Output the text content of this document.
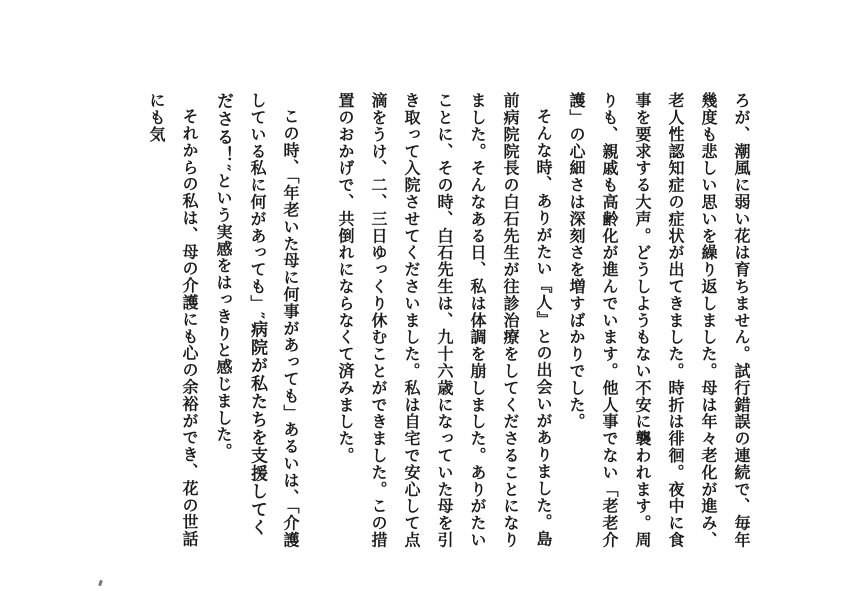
ろが、潮風に弱い花は育ちません。試行錯誤の連続で、毎年幾度も悲しい思いを繰り返しました。母は年々老化が進み、老人性認知症の症状が出てきました。時折は徘徊。夜中に食事を要求する大声。どうしようもない不安に襲われます。周りも、親戚も高齢化が進んでいます。他人事でない「老老介護」の心細さは深刻さを増すばかりでした。

そんな時、ありがたい『人』との出会いがありました。島前病院院長の白石先生が往診治療をしてくださることになりました。そんなある日、私は体調を崩しました。ありがたいことに、その時、白石先生は、九十六歳になっていた母を引き取って入院させてくださいました。私は自宅で安心して点滴をうけ、二、三日ゆっくり休むことができました。この措置のおかげで、共倒れにならなくて済みました。

この時、「年老いた母に何事があっても」あるいは、「介護している私に何があっても」″病院が私たちを支援してくださる！″という実感をはっきりと感じました。

それからの私は、母の介護にも心の余裕ができ、花の世話にも気
